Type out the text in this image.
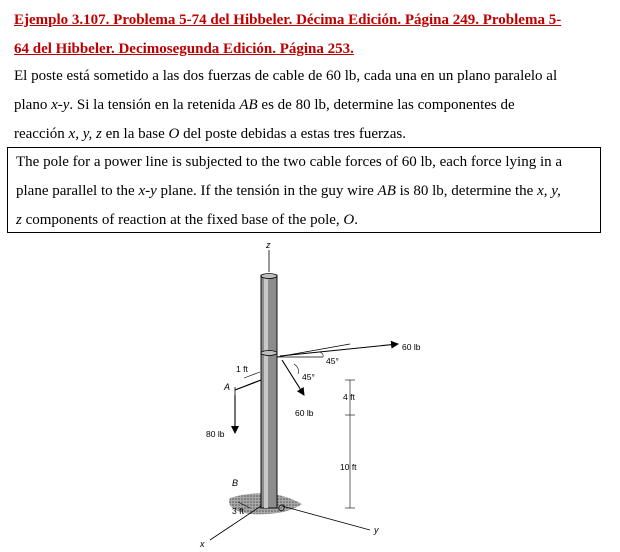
Ejemplo 3.107. Problema 5-74 del Hibbeler. Décima Edición. Página 249. Problema 5-
64 del Hibbeler. Decimosegunda Edición. Página 253.

El poste está sometido a las dos fuerzas de cable de 60 lb, cada una en un plano paralelo al
plano x-y. Si la tensión en la retenida AB es de 80 lb, determine las componentes de
reacción x, y, z en la base O del poste debidas a estas tres fuerzas.

The pole for a power line is subjected to the two cable forces of 60 lb, each force lying in a
plane parallel to the x-y plane. If the tensión in the guy wire AB is 80 lb, determine the x, y,
z components of reaction at the fixed base of the pole, O.

z
O
y
x
A
1 ft
80 lb
B
3 ft
60 lb
45°
45°
60 lb
4 ft
10 ft
